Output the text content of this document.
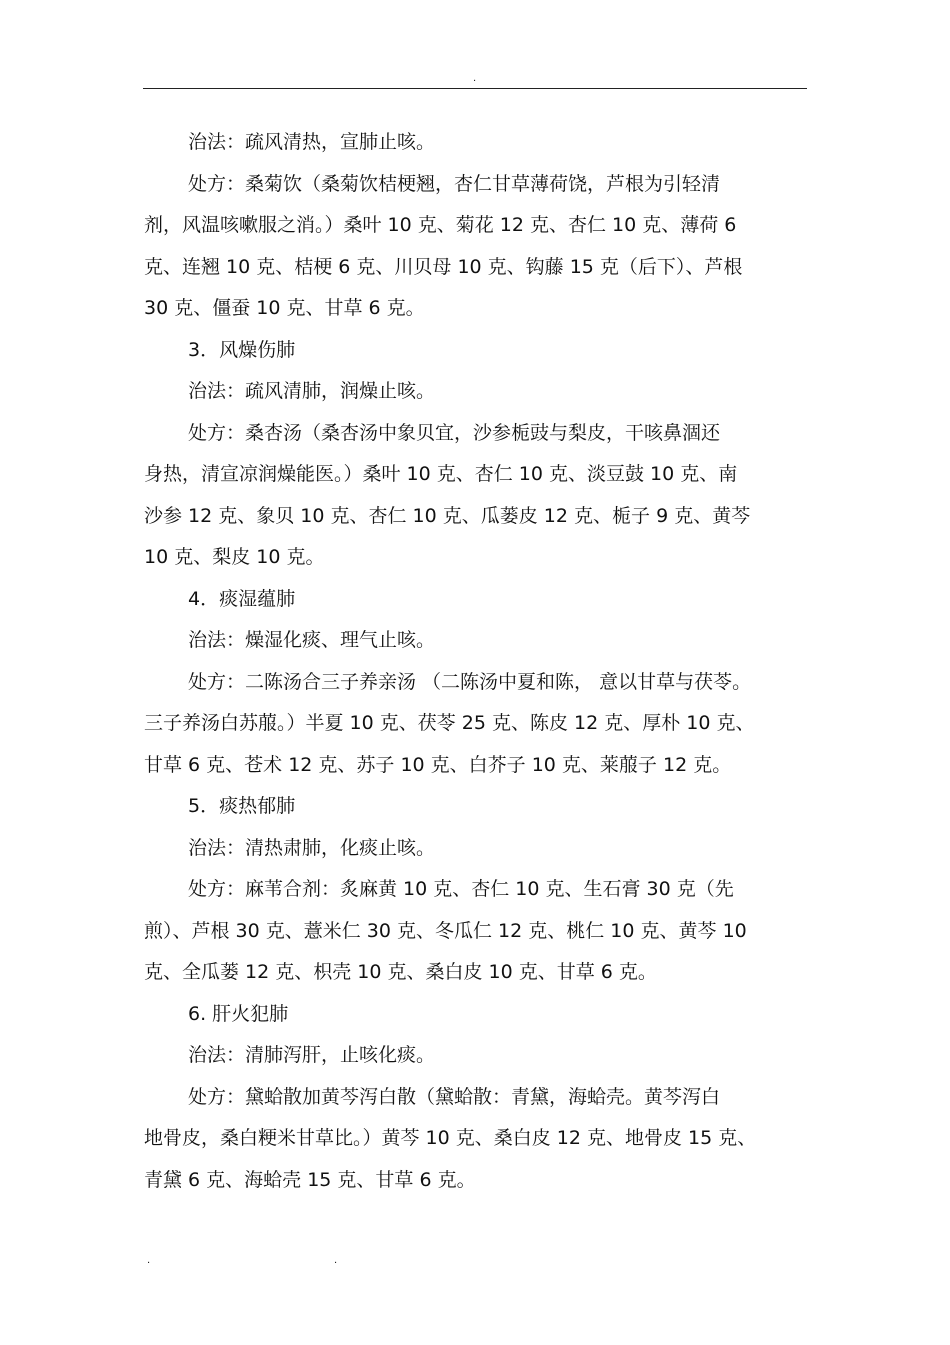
.
治法：疏风清热，宣肺止咳。
处方：桑菊饮（桑菊饮桔梗翘，杏仁甘草薄荷饶，芦根为引轻清
剂，风温咳嗽服之消。）桑叶 10 克、菊花 12 克、杏仁 10 克、薄荷 6
克、连翘 10 克、桔梗 6 克、川贝母 10 克、钩藤 15 克（后下）、芦根
30 克、僵蚕 10 克、甘草 6 克。
3．风燥伤肺
治法：疏风清肺，润燥止咳。
处方：桑杏汤（桑杏汤中象贝宜，沙参栀豉与梨皮，干咳鼻涸还
身热，清宣凉润燥能医。）桑叶 10 克、杏仁 10 克、淡豆鼓 10 克、南
沙参 12 克、象贝 10 克、杏仁 10 克、瓜蒌皮 12 克、栀子 9 克、黄芩
10 克、梨皮 10 克。
4．痰湿蕴肺
治法：燥湿化痰、理气止咳。
处方：二陈汤合三子养亲汤 （二陈汤中夏和陈， 意以甘草与茯苓。
三子养汤白苏菔。）半夏 10 克、茯苓 25 克、陈皮 12 克、厚朴 10 克、
甘草 6 克、苍术 12 克、苏子 10 克、白芥子 10 克、莱菔子 12 克。
5．痰热郁肺
治法：清热肃肺，化痰止咳。
处方：麻苇合剂：炙麻黄 10 克、杏仁 10 克、生石膏 30 克（先
煎）、芦根 30 克、薏米仁 30 克、冬瓜仁 12 克、桃仁 10 克、黄芩 10
克、全瓜蒌 12 克、枳壳 10 克、桑白皮 10 克、甘草 6 克。
6. 肝火犯肺
治法：清肺泻肝，止咳化痰。
处方：黛蛤散加黄芩泻白散（黛蛤散：青黛，海蛤壳。黄芩泻白
地骨皮，桑白粳米甘草比。）黄芩 10 克、桑白皮 12 克、地骨皮 15 克、
青黛 6 克、海蛤壳 15 克、甘草 6 克。
.	.
